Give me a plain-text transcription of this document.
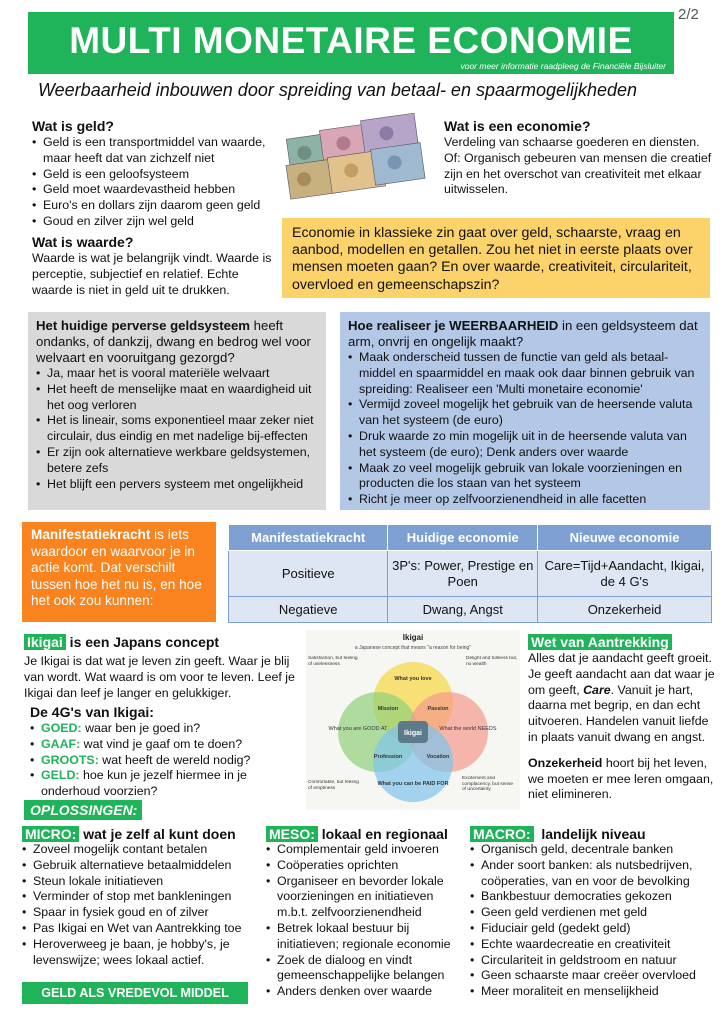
2/2
MULTI MONETAIRE ECONOMIE
voor meer informatie raadpleeg de Financiële Bijsluiter
Weerbaarheid inbouwen door spreiding van betaal- en spaarmogelijkheden
Wat is geld?
• Geld is een transportmiddel van waarde, maar heeft dat van zichzelf niet
• Geld is een geloofsysteem
• Geld moet waardevastheid hebben
• Euro's en dollars zijn daarom geen geld
• Goud en zilver zijn wel geld
Wat is een economie?
Verdeling van schaarse goederen en diensten. Of: Organisch gebeuren van mensen die creatief zijn en het overschot van creativiteit met elkaar uitwisselen.
Wat is waarde?
Waarde is wat je belangrijk vindt. Waarde is perceptie, subjectief en relatief. Echte waarde is niet in geld uit te drukken.
Economie in klassieke zin gaat over geld, schaarste, vraag en aanbod, modellen en getallen. Zou het niet in eerste plaats over mensen moeten gaan? En over waarde, creativiteit, circulariteit, overvloed en gemeenschapszin?
Het huidige perverse geldsysteem heeft ondanks, of dankzij, dwang en bedrog wel voor welvaart en vooruitgang gezorgd?
• Ja, maar het is vooral materiële welvaart
• Het heeft de menselijke maat en waardigheid uit het oog verloren
• Het is lineair, soms exponentieel maar zeker niet circulair, dus eindig en met nadelige bij-effecten
• Er zijn ook alternatieve werkbare geldsystemen, betere zefs
• Het blijft een pervers systeem met ongelijkheid
Hoe realiseer je WEERBAARHEID in een geldsysteem dat arm, onvrij en ongelijk maakt?
• Maak onderscheid tussen de functie van geld als betaal-middel en spaarmiddel en maak ook daar binnen gebruik van spreiding: Realiseer een 'Multi monetaire economie'
• Vermijd zoveel mogelijk het gebruik van de heersende valuta van het systeem (de euro)
• Druk waarde zo min mogelijk uit in de heersende valuta van het systeem (de euro); Denk anders over waarde
• Maak zo veel mogelijk gebruik van lokale voorzieningen en producten die los staan van het systeem
• Richt je meer op zelfvoorzienendheid in alle facetten
Manifestatiekracht is iets waardoor en waarvoor je in actie komt. Dat verschilt tussen hoe het nu is, en hoe het ook zou kunnen:
Manifestatiekracht	Huidige economie	Nieuwe economie
Positieve	3P's: Power, Prestige en Poen	Care=Tijd+Aandacht, Ikigai, de 4 G's
Negatieve	Dwang, Angst	Onzekerheid
Ikigai is een Japans concept
Je Ikigai is dat wat je leven zin geeft. Waar je blij van wordt. Wat waard is om voor te leven. Leef je Ikigai dan leef je langer en gelukkiger.
De 4G's van Ikigai:
• GOED: waar ben je goed in?
• GAAF: wat vind je gaaf om te doen?
• GROOTS: wat heeft de wereld nodig?
• GELD: hoe kun je jezelf hiermee in je onderhoud voorzien?
Ikigai
a Japanese concept that means "a reason for being"
Ikigai
What you love
What you are GOOD AT	What the world NEEDS
What you can be PAID FOR
Mission	Passion
Profession	Vocation
Satisfaction, but feeling of uselessness
Delight and fullness but, no wealth
Comfortable, but feeling of emptiness
Excitement and complacency, but sense of uncertainty
Wet van Aantrekking
Alles dat je aandacht geeft groeit. Je geeft aandacht aan dat waar je om geeft, Care. Vanuit je hart, daarna met begrip, en dan echt uitvoeren. Handelen vanuit liefde in plaats vanuit dwang en angst.
Onzekerheid hoort bij het leven, we moeten er mee leren omgaan, niet elimineren.
OPLOSSINGEN:
MICRO: wat je zelf al kunt doen
• Zoveel mogelijk contant betalen
• Gebruik alternatieve betaalmiddelen
• Steun lokale initiatieven
• Verminder of stop met bankleningen
• Spaar in fysiek goud en of zilver
• Pas Ikigai en Wet van Aantrekking toe
• Heroverweeg je baan, je hobby's, je levenswijze; wees lokaal actief.
MESO: lokaal en regionaal
• Complementair geld invoeren
• Coöperaties oprichten
• Organiseer en bevorder lokale voorzieningen en initiatieven m.b.t. zelfvoorzienendheid
• Betrek lokaal bestuur bij initiatieven; regionale economie
• Zoek de dialoog en vindt gemeenschappelijke belangen
• Anders denken over waarde
MACRO:  landelijk niveau
• Organisch geld, decentrale banken
• Ander soort banken: als nutsbedrijven, coöperaties, van en voor de bevolking
• Bankbestuur democraties gekozen
• Geen geld verdienen met geld
• Fiduciair geld (gedekt geld)
• Echte waardecreatie en creativiteit
• Circulariteit in geldstroom en natuur
• Geen schaarste maar creëer overvloed
• Meer moraliteit en menselijkheid
GELD ALS VREDEVOL MIDDEL
